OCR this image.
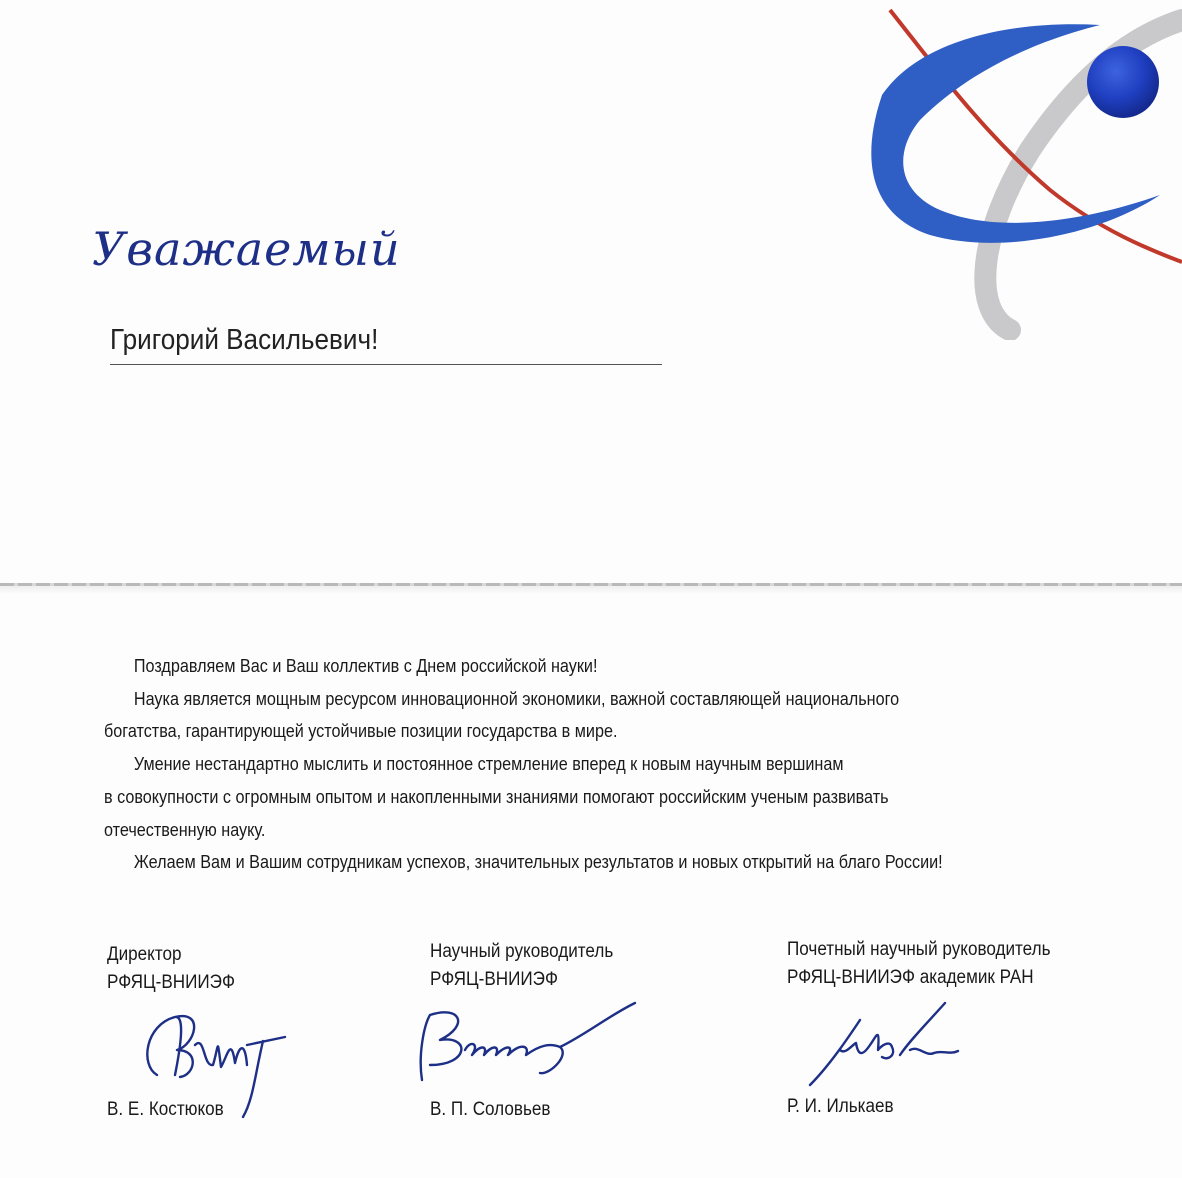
Уважаемый
Григорий Васильевич!

Поздравляем Вас и Ваш коллектив с Днем российской науки!

Наука является мощным ресурсом инновационной экономики, важной составляющей национального

богатства, гарантирующей устойчивые позиции государства в мире.

Умение нестандартно мыслить и постоянное стремление вперед к новым научным вершинам

в совокупности с огромным опытом и накопленными знаниями помогают российским ученым развивать

отечественную науку.

Желаем Вам и Вашим сотрудникам успехов, значительных результатов и новых открытий на благо России!

Директор
РФЯЦ-ВНИИЭФ
В. Е. Костюков
Научный руководитель
РФЯЦ-ВНИИЭФ
В. П. Соловьев
Почетный научный руководитель
РФЯЦ-ВНИИЭФ академик РАН
Р. И. Илькаев
